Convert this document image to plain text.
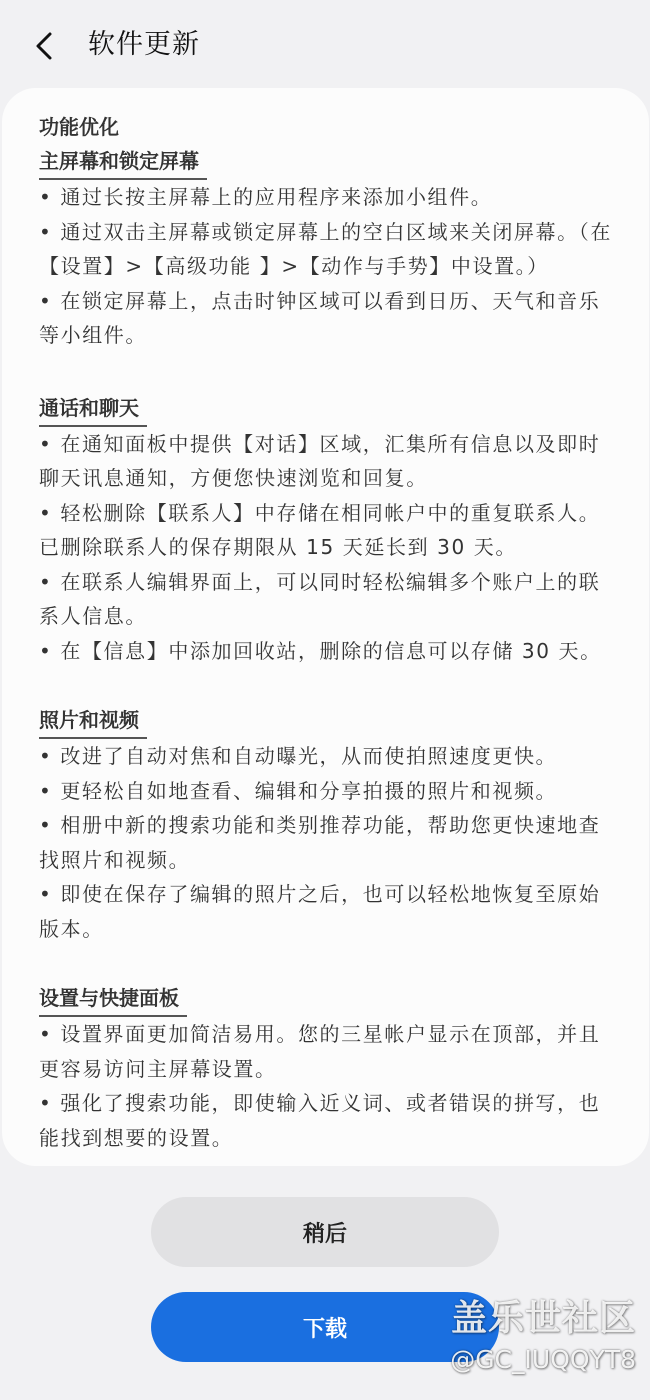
软件更新
功能优化
主屏幕和锁定屏幕
• 通过长按主屏幕上的应用程序来添加小组件。
• 通过双击主屏幕或锁定屏幕上的空白区域来关闭屏幕。（在【设置】>【高级功能 】>【动作与手势】中设置。）
• 在锁定屏幕上，点击时钟区域可以看到日历、天气和音乐等小组件。
通话和聊天
• 在通知面板中提供【对话】区域，汇集所有信息以及即时聊天讯息通知，方便您快速浏览和回复。
• 轻松删除【联系人】中存储在相同帐户中的重复联系人。已删除联系人的保存期限从 15 天延长到 30 天。
• 在联系人编辑界面上，可以同时轻松编辑多个账户上的联系人信息。
• 在【信息】中添加回收站，删除的信息可以存储 30 天。
照片和视频
• 改进了自动对焦和自动曝光，从而使拍照速度更快。
• 更轻松自如地查看、编辑和分享拍摄的照片和视频。
• 相册中新的搜索功能和类别推荐功能，帮助您更快速地查找照片和视频。
• 即使在保存了编辑的照片之后，也可以轻松地恢复至原始版本。
设置与快捷面板
• 设置界面更加简洁易用。您的三星帐户显示在顶部，并且更容易访问主屏幕设置。
• 强化了搜索功能，即使输入近义词、或者错误的拼写，也能找到想要的设置。
稍后
下载	盖乐世社区
@GC_IUQQYT8
